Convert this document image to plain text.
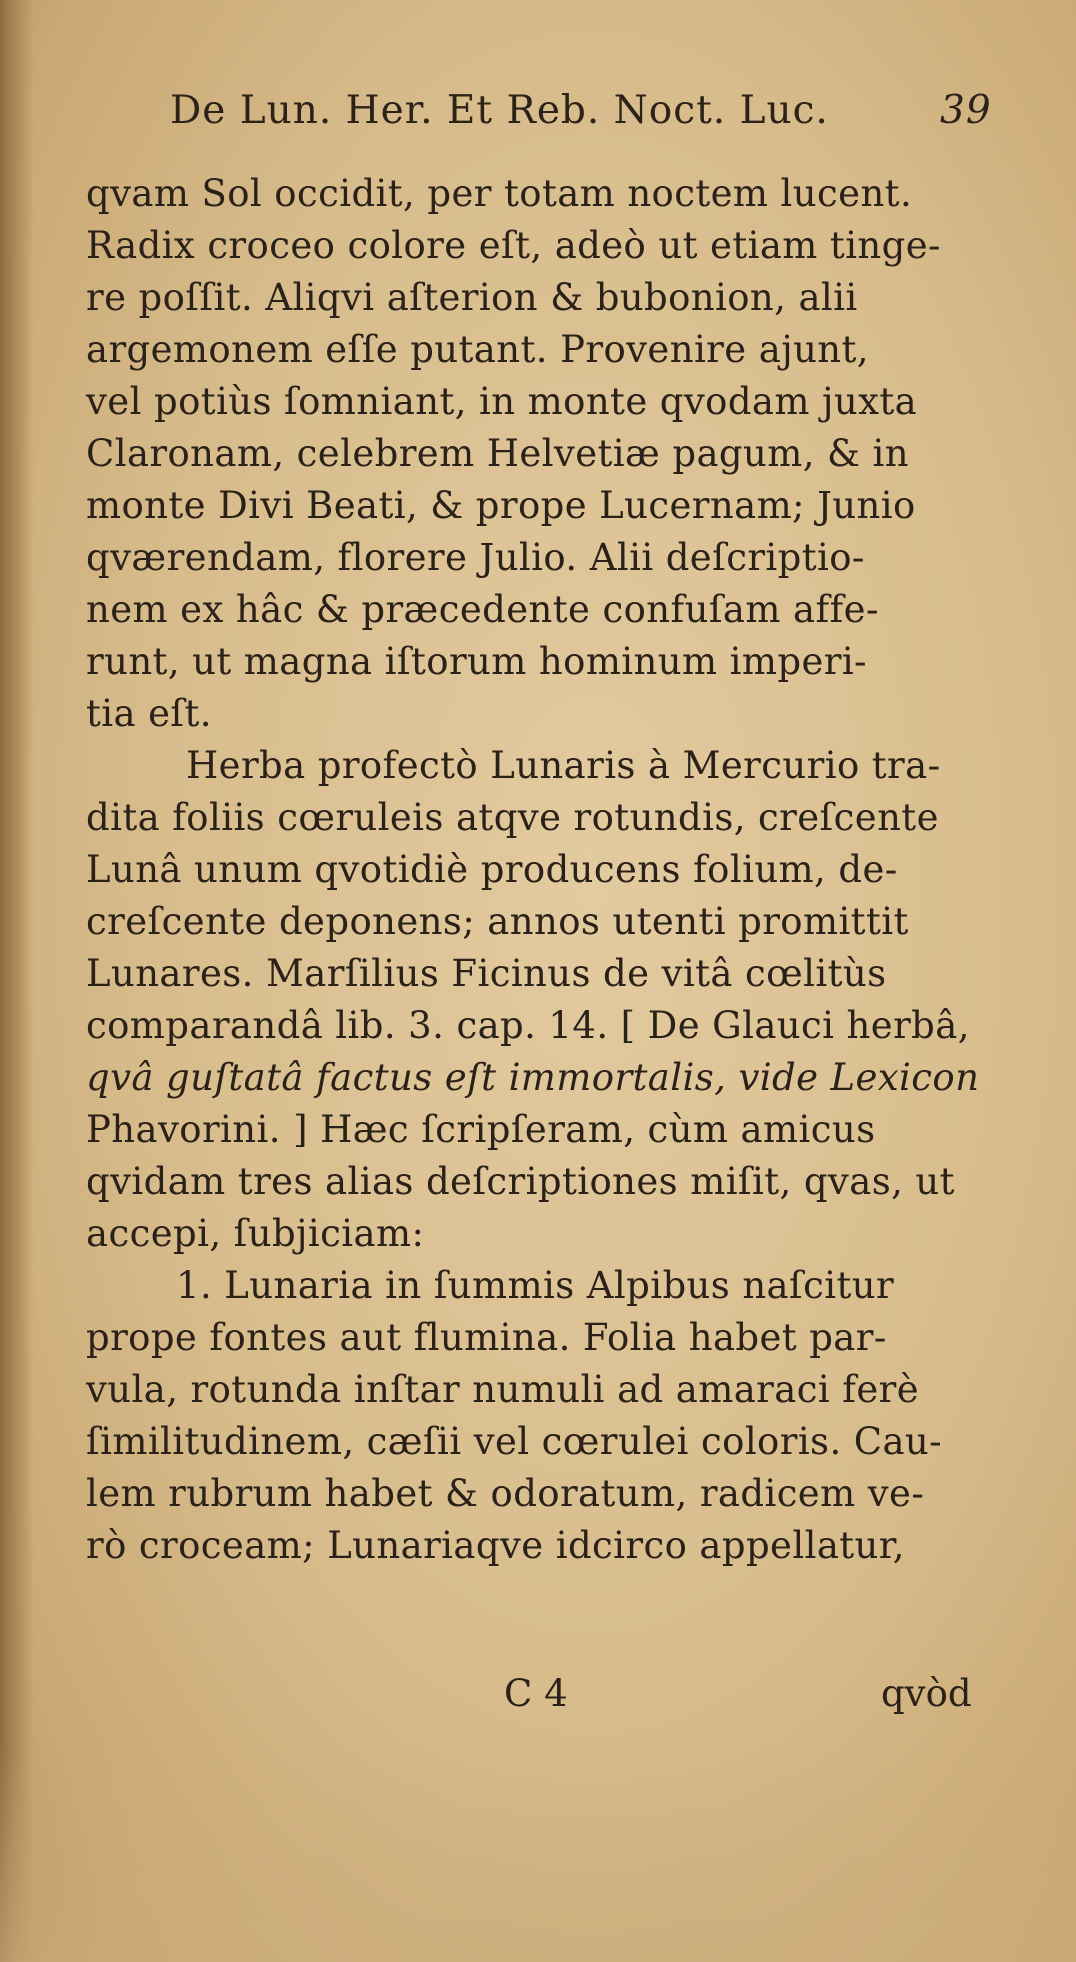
De Lun. Her. Et Reb. Noct. Luc.	39
qvam Sol occidit, per totam noctem lucent.
Radix croceo colore eſt, adeò ut etiam tinge-
re poſſit. Aliqvi aſterion & bubonion, alii
argemonem eſſe putant. Provenire ajunt,
vel potiùs ſomniant, in monte qvodam juxta
Claronam, celebrem Helvetiæ pagum, & in
monte Divi Beati, & prope Lucernam; Junio
qværendam, florere Julio. Alii deſcriptio-
nem ex hâc & præcedente confuſam affe-
runt, ut magna iſtorum hominum imperi-
tia eſt.
Herba profectò Lunaris à Mercurio tra-
dita foliis cœruleis atqve rotundis, creſcente
Lunâ unum qvotidiè producens folium, de-
creſcente deponens; annos utenti promittit
Lunares. Marſilius Ficinus de vitâ cœlitùs
comparandâ lib. 3. cap. 14. [ De Glauci herbâ,
qvâ guſtatâ factus eſt immortalis, vide Lexicon
Phavorini. ] Hæc ſcripſeram, cùm amicus
qvidam tres alias deſcriptiones miſit, qvas, ut
accepi, ſubjiciam:
1. Lunaria in ſummis Alpibus naſcitur
prope fontes aut flumina. Folia habet par-
vula, rotunda inſtar numuli ad amaraci ferè
ſimilitudinem, cæſii vel cœrulei coloris. Cau-
lem rubrum habet & odoratum, radicem ve-
rò croceam; Lunariaqve idcirco appellatur,
C 4	qvòd
